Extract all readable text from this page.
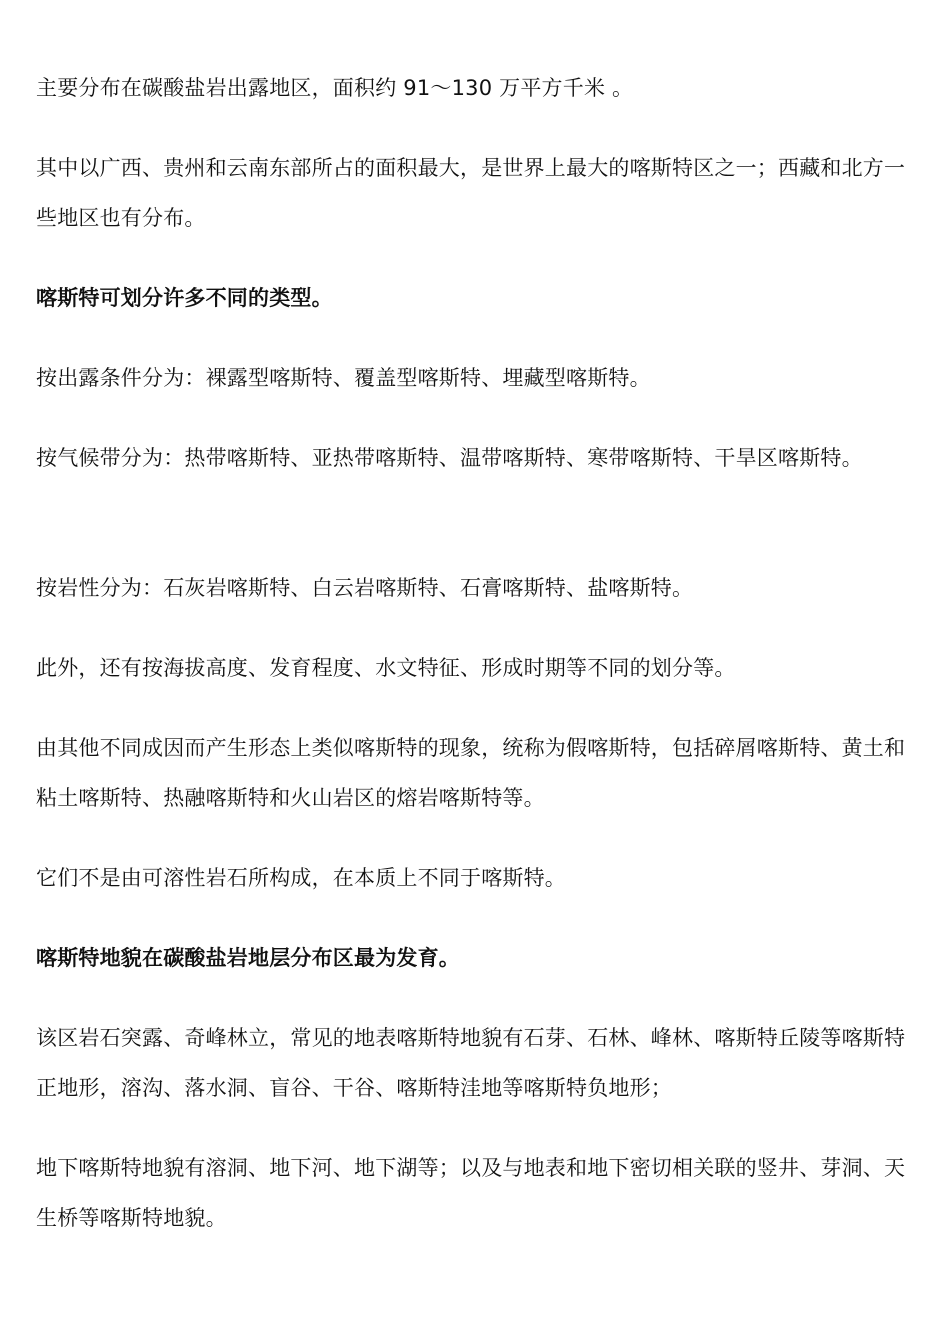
主要分布在碳酸盐岩出露地区，面积约 91～130 万平方千米 。

其中以广西、贵州和云南东部所占的面积最大，是世界上最大的喀斯特区之一；西藏和北方一些地区也有分布。

喀斯特可划分许多不同的类型。

按出露条件分为：裸露型喀斯特、覆盖型喀斯特、埋藏型喀斯特。

按气候带分为：热带喀斯特、亚热带喀斯特、温带喀斯特、寒带喀斯特、干旱区喀斯特。

按岩性分为：石灰岩喀斯特、白云岩喀斯特、石膏喀斯特、盐喀斯特。

此外，还有按海拔高度、发育程度、水文特征、形成时期等不同的划分等。

由其他不同成因而产生形态上类似喀斯特的现象，统称为假喀斯特，包括碎屑喀斯特、黄土和粘土喀斯特、热融喀斯特和火山岩区的熔岩喀斯特等。

它们不是由可溶性岩石所构成，在本质上不同于喀斯特。

喀斯特地貌在碳酸盐岩地层分布区最为发育。

该区岩石突露、奇峰林立，常见的地表喀斯特地貌有石芽、石林、峰林、喀斯特丘陵等喀斯特正地形，溶沟、落水洞、盲谷、干谷、喀斯特洼地等喀斯特负地形；

地下喀斯特地貌有溶洞、地下河、地下湖等；以及与地表和地下密切相关联的竖井、芽洞、天生桥等喀斯特地貌。
